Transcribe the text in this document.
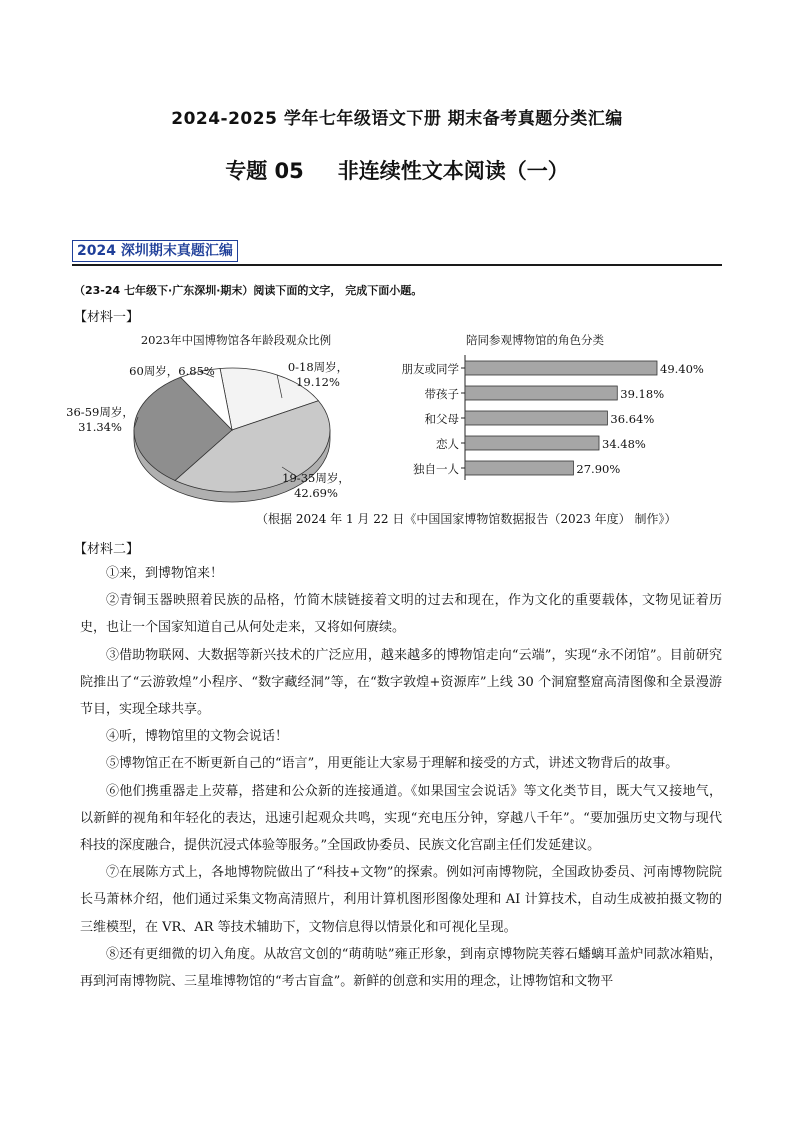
2024-2025 学年七年级语文下册 期末备考真题分类汇编
专题 05 非连续性文本阅读（一）
2024 深圳期末真题汇编
（23-24 七年级下·广东深圳·期末）阅读下面的文字， 完成下面小题。
【材料一】
2023年中国博物馆各年龄段观众比例
0-18周岁，
19.12%
19-35周岁，
42.69%
36-59周岁，
31.34%
60周岁，6.85%
陪同参观博物馆的角色分类
朋友或同学	49.40%
带孩子	39.18%
和父母	36.64%
恋人	34.48%
独自一人	27.90%
（根据 2024 年 1 月 22 日《中国国家博物馆数据报告（2023 年度） 制作》）
【材料二】

①来，到博物馆来！

②青铜玉器映照着民族的品格，竹简木牍链接着文明的过去和现在，作为文化的重要载体，文物见证着历史，也让一个国家知道自己从何处走来，又将如何赓续。

③借助物联网、大数据等新兴技术的广泛应用，越来越多的博物馆走向“云端”，实现“永不闭馆”。目前研究院推出了“云游敦煌”小程序、“数字藏经洞”等，在“数字敦煌+资源库”上线 30 个洞窟整窟高清图像和全景漫游节目，实现全球共享。

④听，博物馆里的文物会说话！

⑤博物馆正在不断更新自己的“语言”，用更能让大家易于理解和接受的方式，讲述文物背后的故事。

⑥他们携重器走上荧幕，搭建和公众新的连接通道。《如果国宝会说话》等文化类节目，既大气又接地气，以新鲜的视角和年轻化的表达，迅速引起观众共鸣，实现“充电压分钟，穿越八千年”。“要加强历史文物与现代科技的深度融合，提供沉浸式体验等服务。”全国政协委员、民族文化宫副主任们发延建议。

⑦在展陈方式上，各地博物院做出了“科技+文物”的探索。例如河南博物院，全国政协委员、河南博物院院长马萧林介绍，他们通过采集文物高清照片，利用计算机图形图像处理和 AI 计算技术，自动生成被拍摄文物的三维模型，在 VR、AR 等技术辅助下，文物信息得以情景化和可视化呈现。

⑧还有更细微的切入角度。从故宫文创的“萌萌哒”雍正形象，到南京博物院芙蓉石蟠螭耳盖炉同款冰箱贴，再到河南博物院、三星堆博物馆的“考古盲盒”。新鲜的创意和实用的理念，让博物馆和文物平
